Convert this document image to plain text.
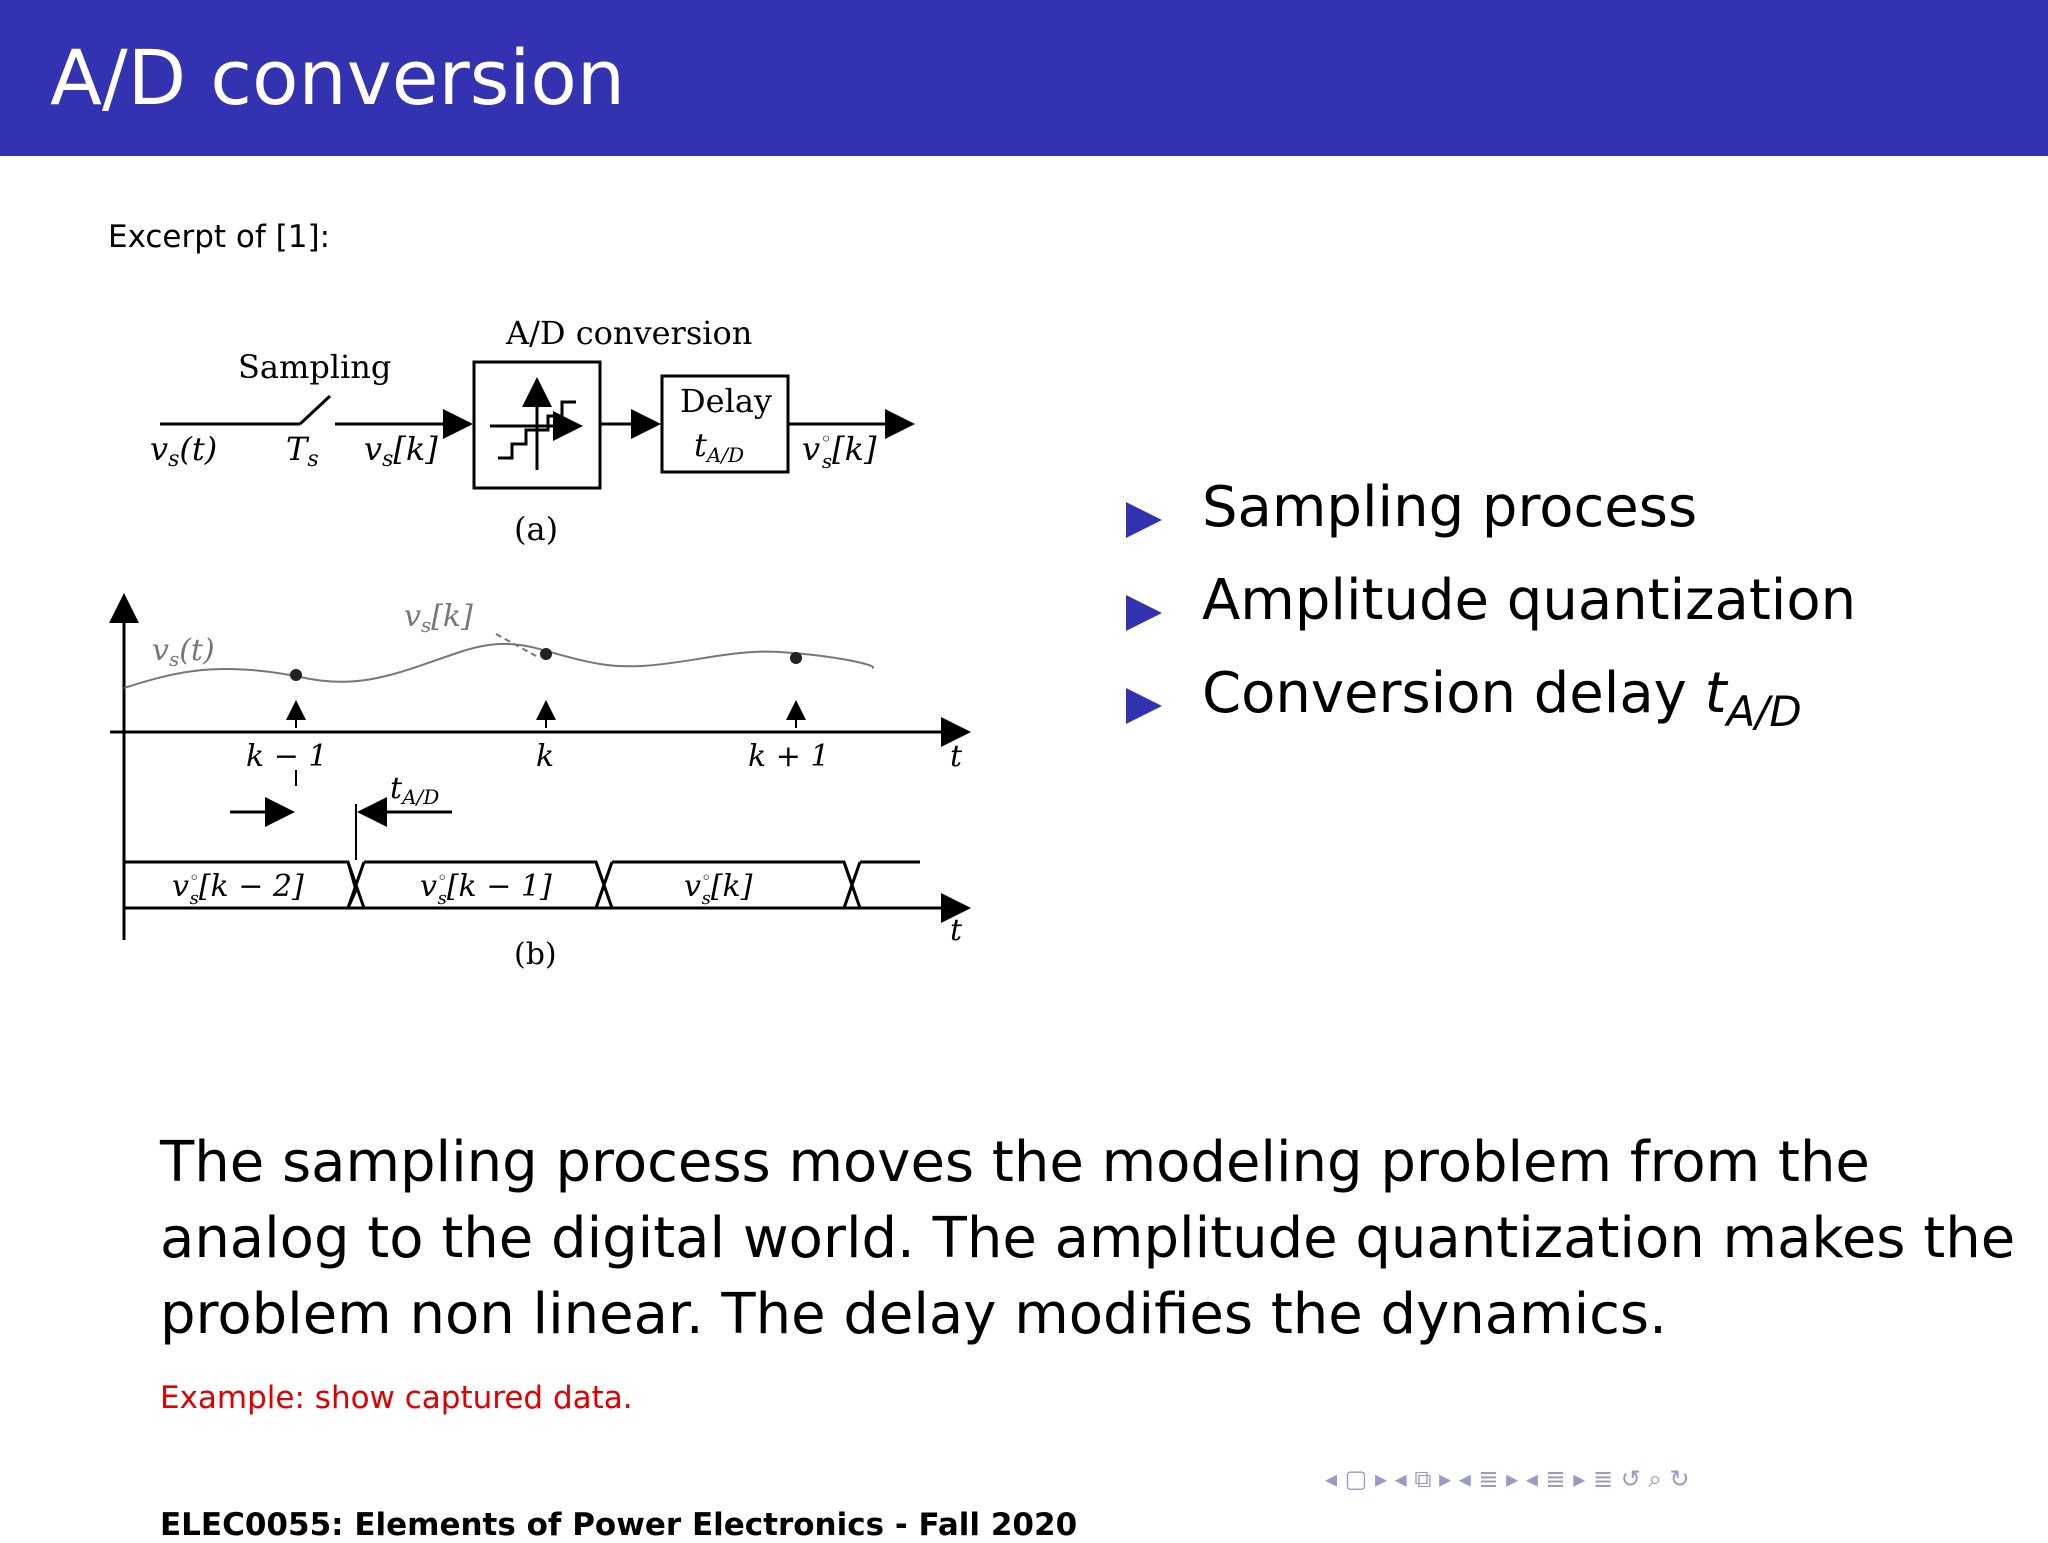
A/D conversion
Excerpt of [1]:
Sampling
vs(t) Ts vs[k]
A/D conversion
Delay
tA/D v◦ s[k]
(a)
$v_s(t)$
$v_s[k]$
k − 1	k	k + 1	t
$t_{A/D}$
v◦ s[k − 2]	v◦ s[k − 1]	v◦ s[k]
t
(b)
Sampling process
Amplitude quantization
Conversion delay $t_{A/D}$
The sampling process moves the modeling problem from the
analog to the digital world. The amplitude quantization makes the
problem non linear. The delay modifies the dynamics.
Example: show captured data.
◂ ▢ ▸ ◂ ⧉ ▸ ◂ ≣ ▸ ◂ ≣ ▸ ≣ ↺ ⌕ ↻
ELEC0055: Elements of Power Electronics - Fall 2020
